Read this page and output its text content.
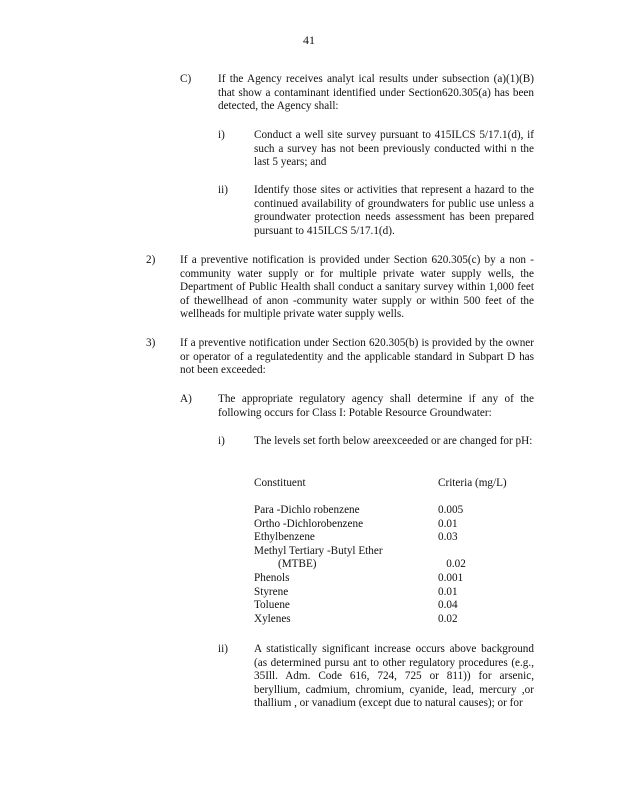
41
C) If the Agency receives analyt ical results under subsection (a)(1)(B) that show a contaminant identified under Section620.305(a) has been detected, the Agency shall:

i)	Conduct a well site survey pursuant to 415ILCS 5/17.1(d), if such a survey has not been previously conducted withi n the last 5 years; and

ii) Identify those sites or activities that represent a hazard to the continued availability of groundwaters for public use unless a groundwater protection needs assessment has been prepared pursuant to 415ILCS 5/17.1(d).

2) If a preventive notification is provided under Section 620.305(c) by a non - community water supply or for multiple private water supply wells, the Department of Public Health shall conduct a sanitary survey within 1,000 feet of thewellhead of anon -community water supply or within 500 feet of the wellheads for multiple private water supply wells.

3) If a preventive notification under Section 620.305(b) is provided by the owner or operator of a regulatedentity and the applicable standard in Subpart D has not been exceeded:

A) The appropriate regulatory agency shall determine if any of the following occurs for Class I: Potable Resource Groundwater:

i)	The levels set forth below areexceeded or are changed for pH:

Constituent	Criteria (mg/L)
Para -Dichlo robenzene	0.005
Ortho -Dichlorobenzene	0.01
Ethylbenzene	0.03
Methyl Tertiary -Butyl Ether
(MTBE)	0.02
Phenols	0.001
Styrene	0.01
Toluene	0.04
Xylenes	0.02
ii) A statistically significant increase occurs above background (as determined pursu ant to other regulatory procedures (e.g., 35Ill. Adm. Code 616, 724, 725 or 811)) for arsenic, beryllium, cadmium, chromium, cyanide, lead, mercury ,or thallium , or vanadium (except due to natural causes); or for
